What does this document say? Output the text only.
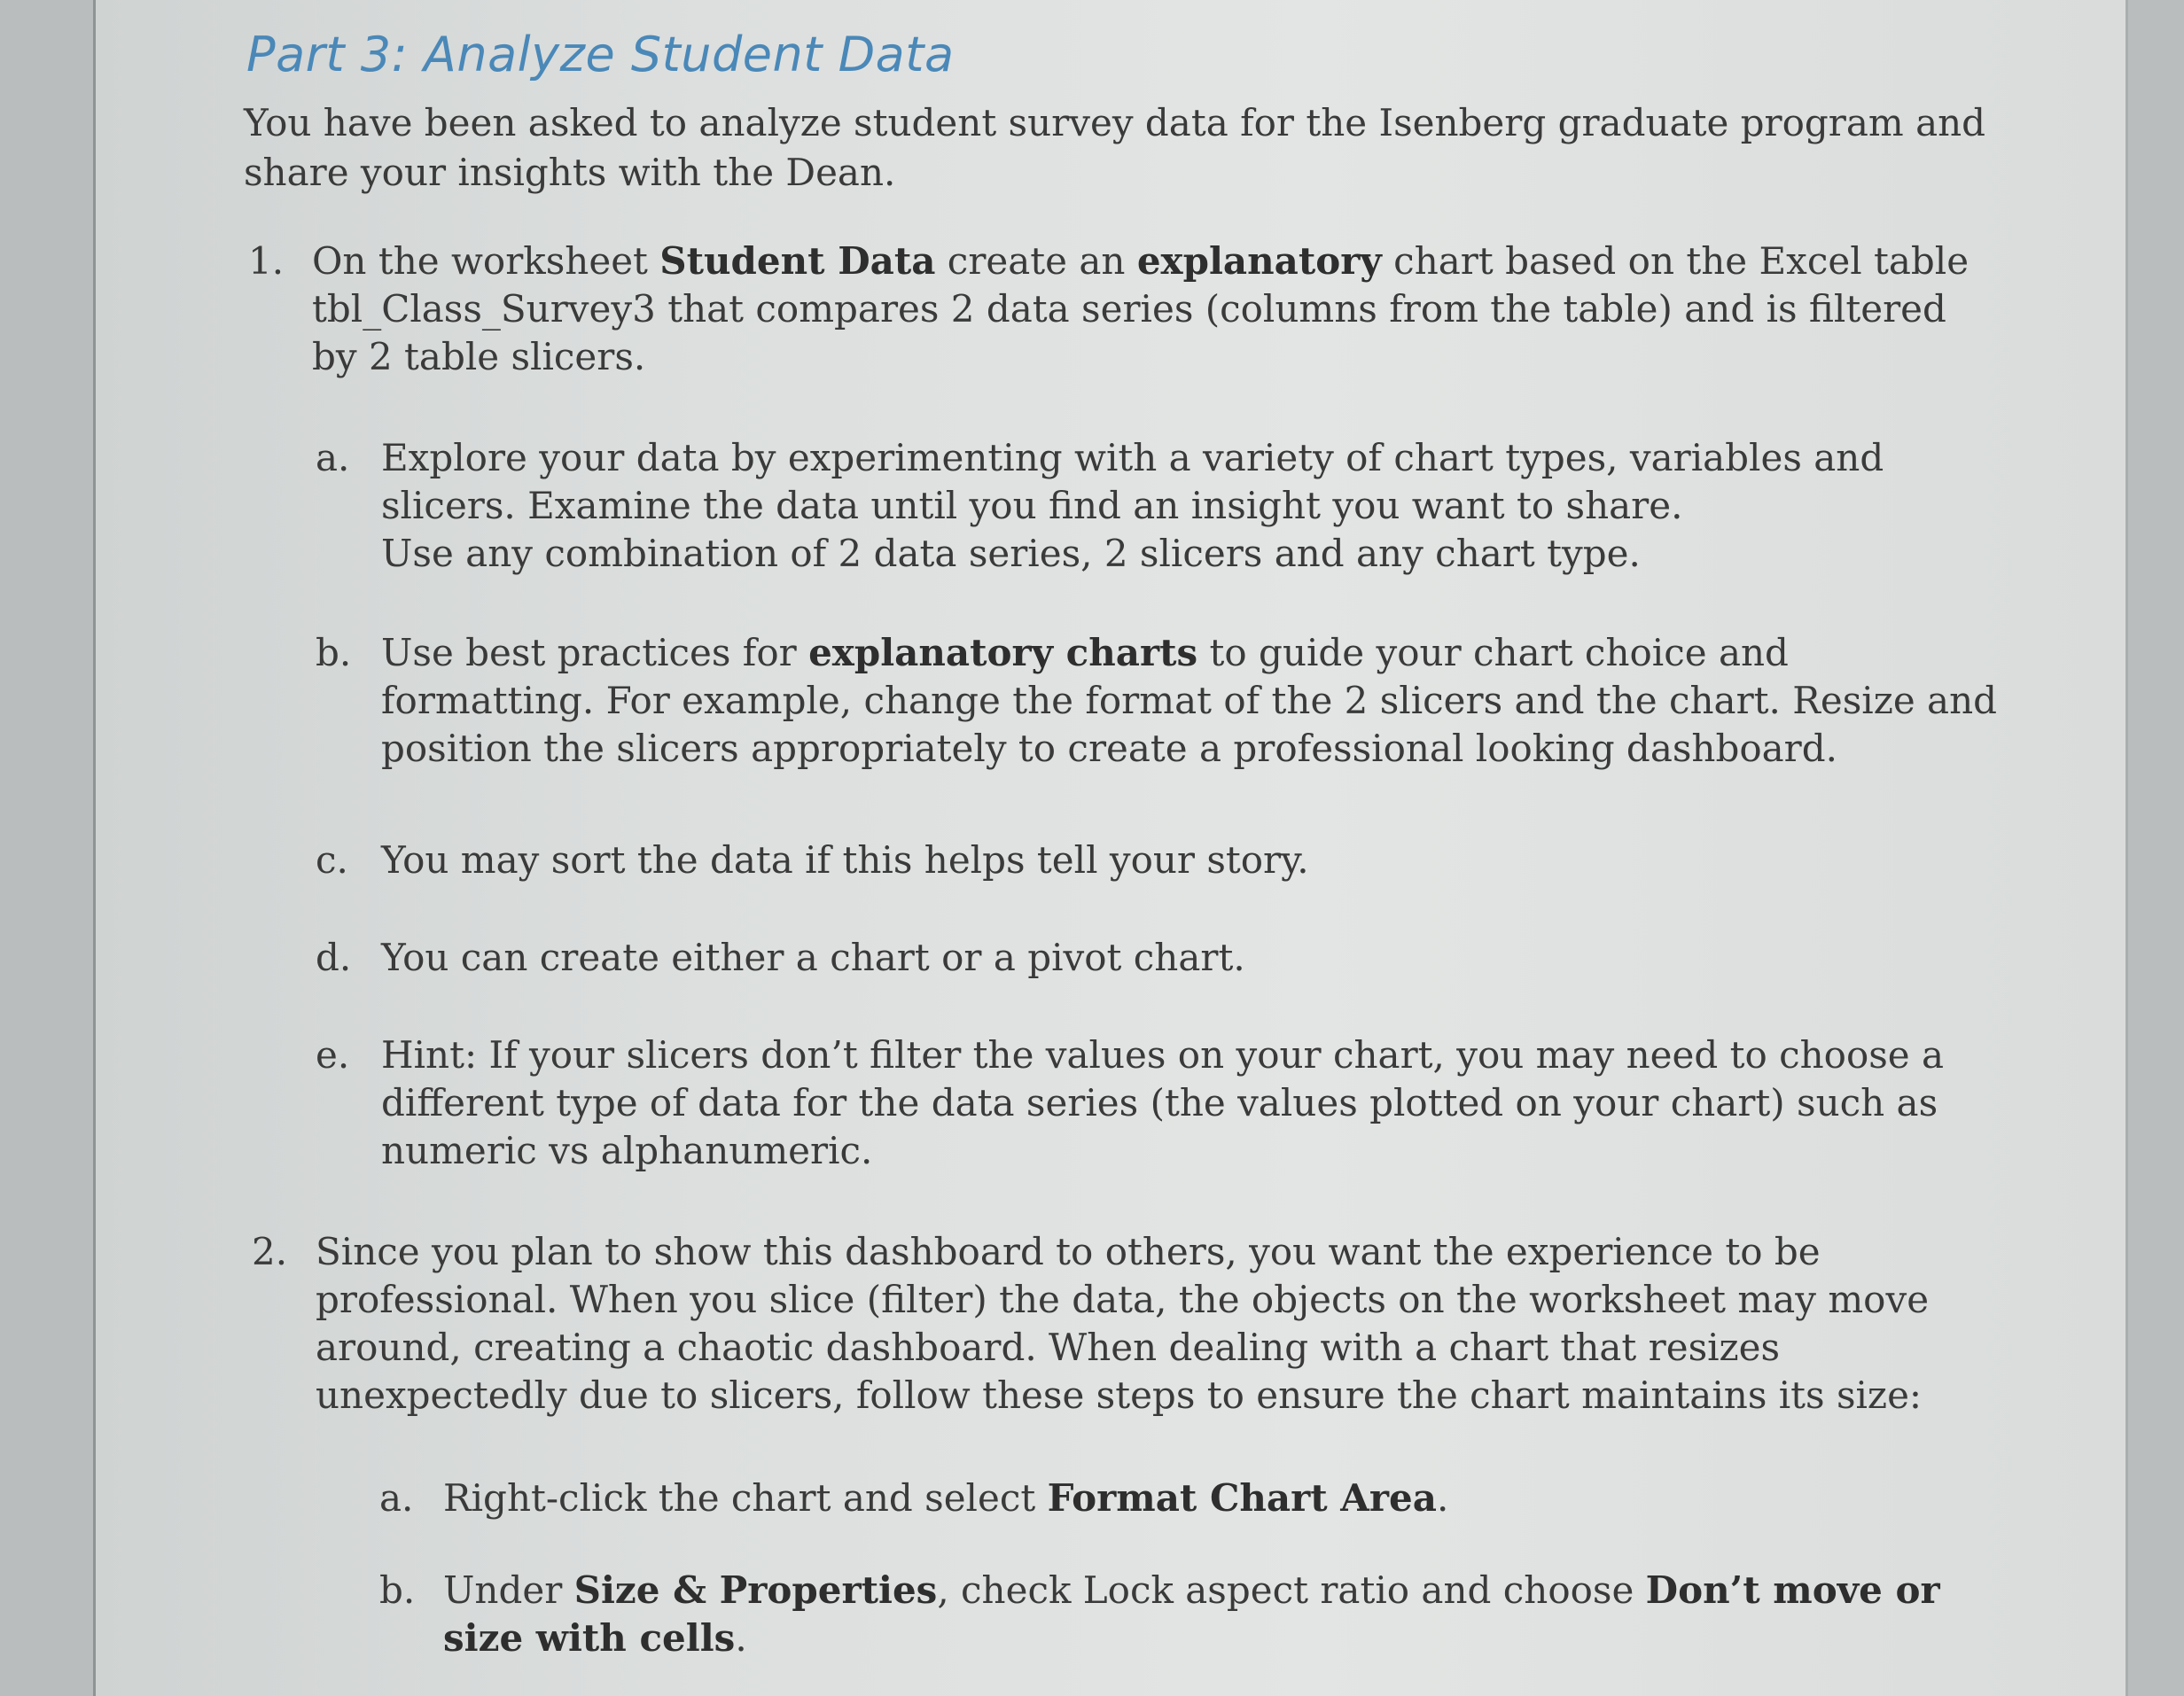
Part 3: Analyze Student Data
You have been asked to analyze student survey data for the Isenberg graduate program and
share your insights with the Dean.
1. On the worksheet Student Data create an explanatory chart based on the Excel table
tbl_Class_Survey3 that compares 2 data series (columns from the table) and is filtered
by 2 table slicers.
a. Explore your data by experimenting with a variety of chart types, variables and
slicers. Examine the data until you find an insight you want to share.
Use any combination of 2 data series, 2 slicers and any chart type.
b. Use best practices for explanatory charts to guide your chart choice and
formatting. For example, change the format of the 2 slicers and the chart. Resize and
position the slicers appropriately to create a professional looking dashboard.
c. You may sort the data if this helps tell your story.
d. You can create either a chart or a pivot chart.
e. Hint: If your slicers don’t filter the values on your chart, you may need to choose a
different type of data for the data series (the values plotted on your chart) such as
numeric vs alphanumeric.
2. Since you plan to show this dashboard to others, you want the experience to be
professional. When you slice (filter) the data, the objects on the worksheet may move
around, creating a chaotic dashboard. When dealing with a chart that resizes
unexpectedly due to slicers, follow these steps to ensure the chart maintains its size:
a. Right-click the chart and select Format Chart Area.
b. Under Size & Properties, check Lock aspect ratio and choose Don’t move or
size with cells.
